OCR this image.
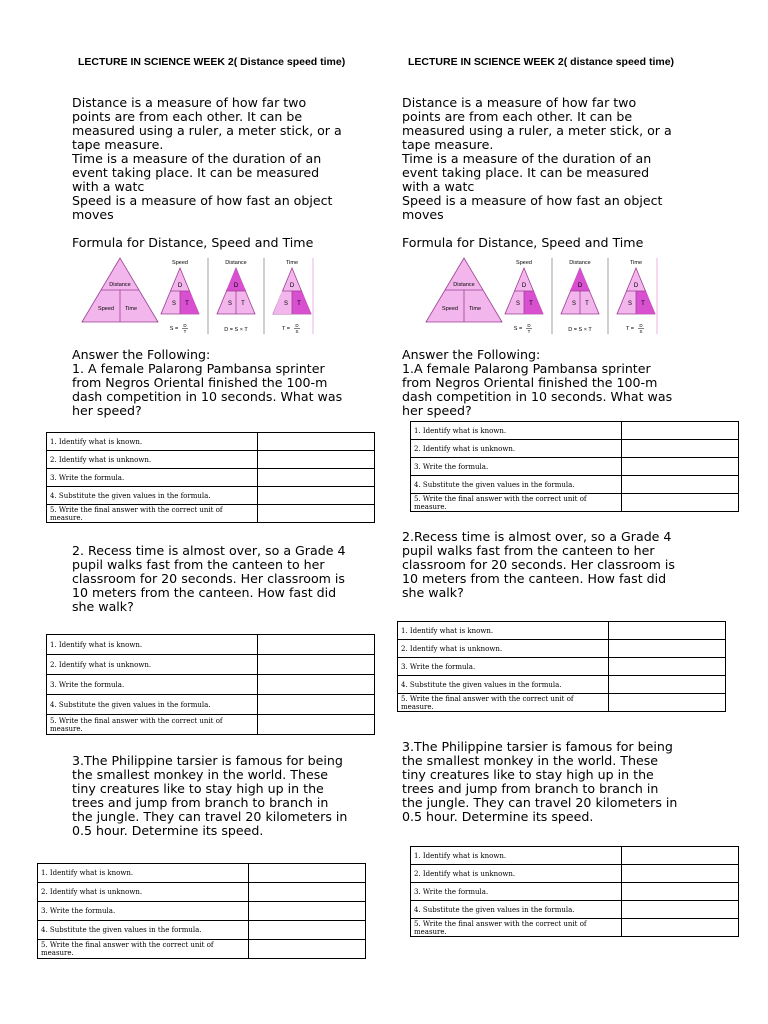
LECTURE IN SCIENCE WEEK 2( Distance speed time)
Distance is a measure of how far two
points are from each other. It can be
measured using a ruler, a meter stick, or a
tape measure.
Time is a measure of the duration of an
event taking place. It can be measured
with a watc
Speed is a measure of how fast an object
moves
Formula for Distance, Speed and Time
Distance
Speed Time
Speed
D
S T
S =
D
T
Distance
D
S T
D = S × T
Time
D
S T
T =
D
S
Answer the Following:
1. A female Palarong Pambansa sprinter
from Negros Oriental finished the 100-m
dash competition in 10 seconds. What was
her speed?
1. Identify what is known.	
2. Identify what is unknown.	
3. Write the formula.	
4. Substitute the given values in the formula.	
5. Write the final answer with the correct unit of measure.	
2. Recess time is almost over, so a Grade 4
pupil walks fast from the canteen to her
classroom for 20 seconds. Her classroom is
10 meters from the canteen. How fast did
she walk?
1. Identify what is known.	
2. Identify what is unknown.	
3. Write the formula.	
4. Substitute the given values in the formula.	
5. Write the final answer with the correct unit of measure.	
3.The Philippine tarsier is famous for being
the smallest monkey in the world. These
tiny creatures like to stay high up in the
trees and jump from branch to branch in
the jungle. They can travel 20 kilometers in
0.5 hour. Determine its speed.
1. Identify what is known.	
2. Identify what is unknown.	
3. Write the formula.	
4. Substitute the given values in the formula.	
5. Write the final answer with the correct unit of measure.	
LECTURE IN SCIENCE WEEK 2( distance speed time)
Distance is a measure of how far two
points are from each other. It can be
measured using a ruler, a meter stick, or a
tape measure.
Time is a measure of the duration of an
event taking place. It can be measured
with a watc
Speed is a measure of how fast an object
moves
Formula for Distance, Speed and Time
Distance
Speed Time
Speed
D
S T
S =
D
T
Distance
D
S T
D = S × T
Time
D
S T
T =
D
S
Answer the Following:
1.A female Palarong Pambansa sprinter
from Negros Oriental finished the 100-m
dash competition in 10 seconds. What was
her speed?
1. Identify what is known.	
2. Identify what is unknown.	
3. Write the formula.	
4. Substitute the given values in the formula.	
5. Write the final answer with the correct unit of measure.	
2.Recess time is almost over, so a Grade 4
pupil walks fast from the canteen to her
classroom for 20 seconds. Her classroom is
10 meters from the canteen. How fast did
she walk?
1. Identify what is known.	
2. Identify what is unknown.	
3. Write the formula.	
4. Substitute the given values in the formula.	
5. Write the final answer with the correct unit of measure.	
3.The Philippine tarsier is famous for being
the smallest monkey in the world. These
tiny creatures like to stay high up in the
trees and jump from branch to branch in
the jungle. They can travel 20 kilometers in
0.5 hour. Determine its speed.
1. Identify what is known.	
2. Identify what is unknown.	
3. Write the formula.	
4. Substitute the given values in the formula.	
5. Write the final answer with the correct unit of measure.	
